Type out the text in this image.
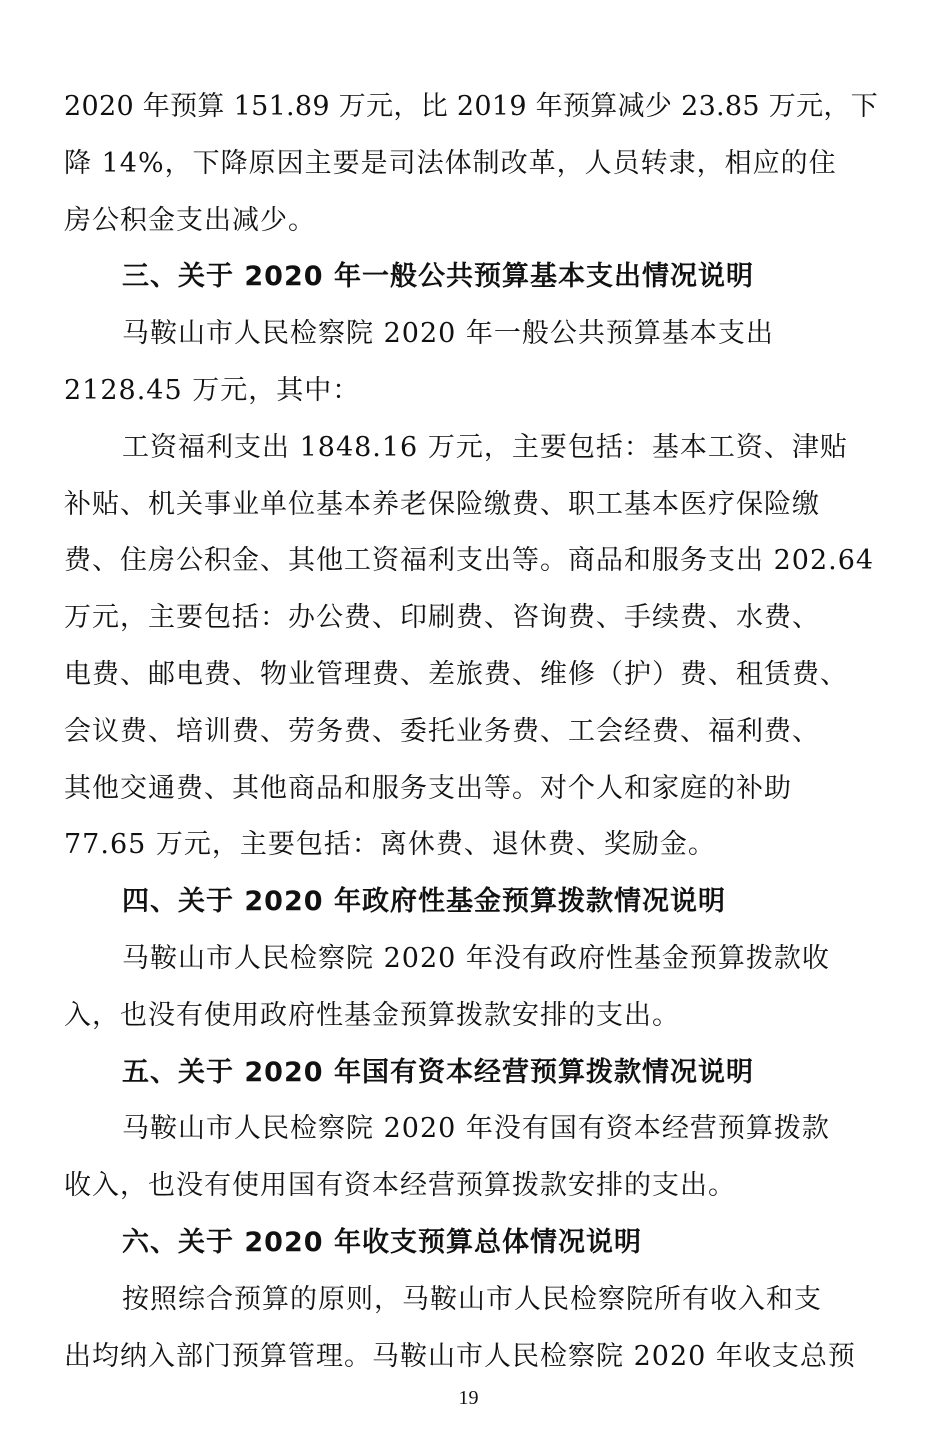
2020 年预算 151.89 万元，比 2019 年预算减少 23.85 万元，下
降 14%，下降原因主要是司法体制改革，人员转隶，相应的住
房公积金支出减少。
三、关于 2020 年一般公共预算基本支出情况说明
马鞍山市人民检察院 2020 年一般公共预算基本支出
2128.45 万元，其中：
工资福利支出 1848.16 万元，主要包括：基本工资、津贴
补贴、机关事业单位基本养老保险缴费、职工基本医疗保险缴
费、住房公积金、其他工资福利支出等。商品和服务支出 202.64
万元，主要包括：办公费、印刷费、咨询费、手续费、水费、
电费、邮电费、物业管理费、差旅费、维修（护）费、租赁费、
会议费、培训费、劳务费、委托业务费、工会经费、福利费、
其他交通费、其他商品和服务支出等。对个人和家庭的补助
77.65 万元，主要包括：离休费、退休费、奖励金。
四、关于 2020 年政府性基金预算拨款情况说明
马鞍山市人民检察院 2020 年没有政府性基金预算拨款收
入，也没有使用政府性基金预算拨款安排的支出。
五、关于 2020 年国有资本经营预算拨款情况说明
马鞍山市人民检察院 2020 年没有国有资本经营预算拨款
收入，也没有使用国有资本经营预算拨款安排的支出。
六、关于 2020 年收支预算总体情况说明
按照综合预算的原则，马鞍山市人民检察院所有收入和支
出均纳入部门预算管理。马鞍山市人民检察院 2020 年收支总预
19
